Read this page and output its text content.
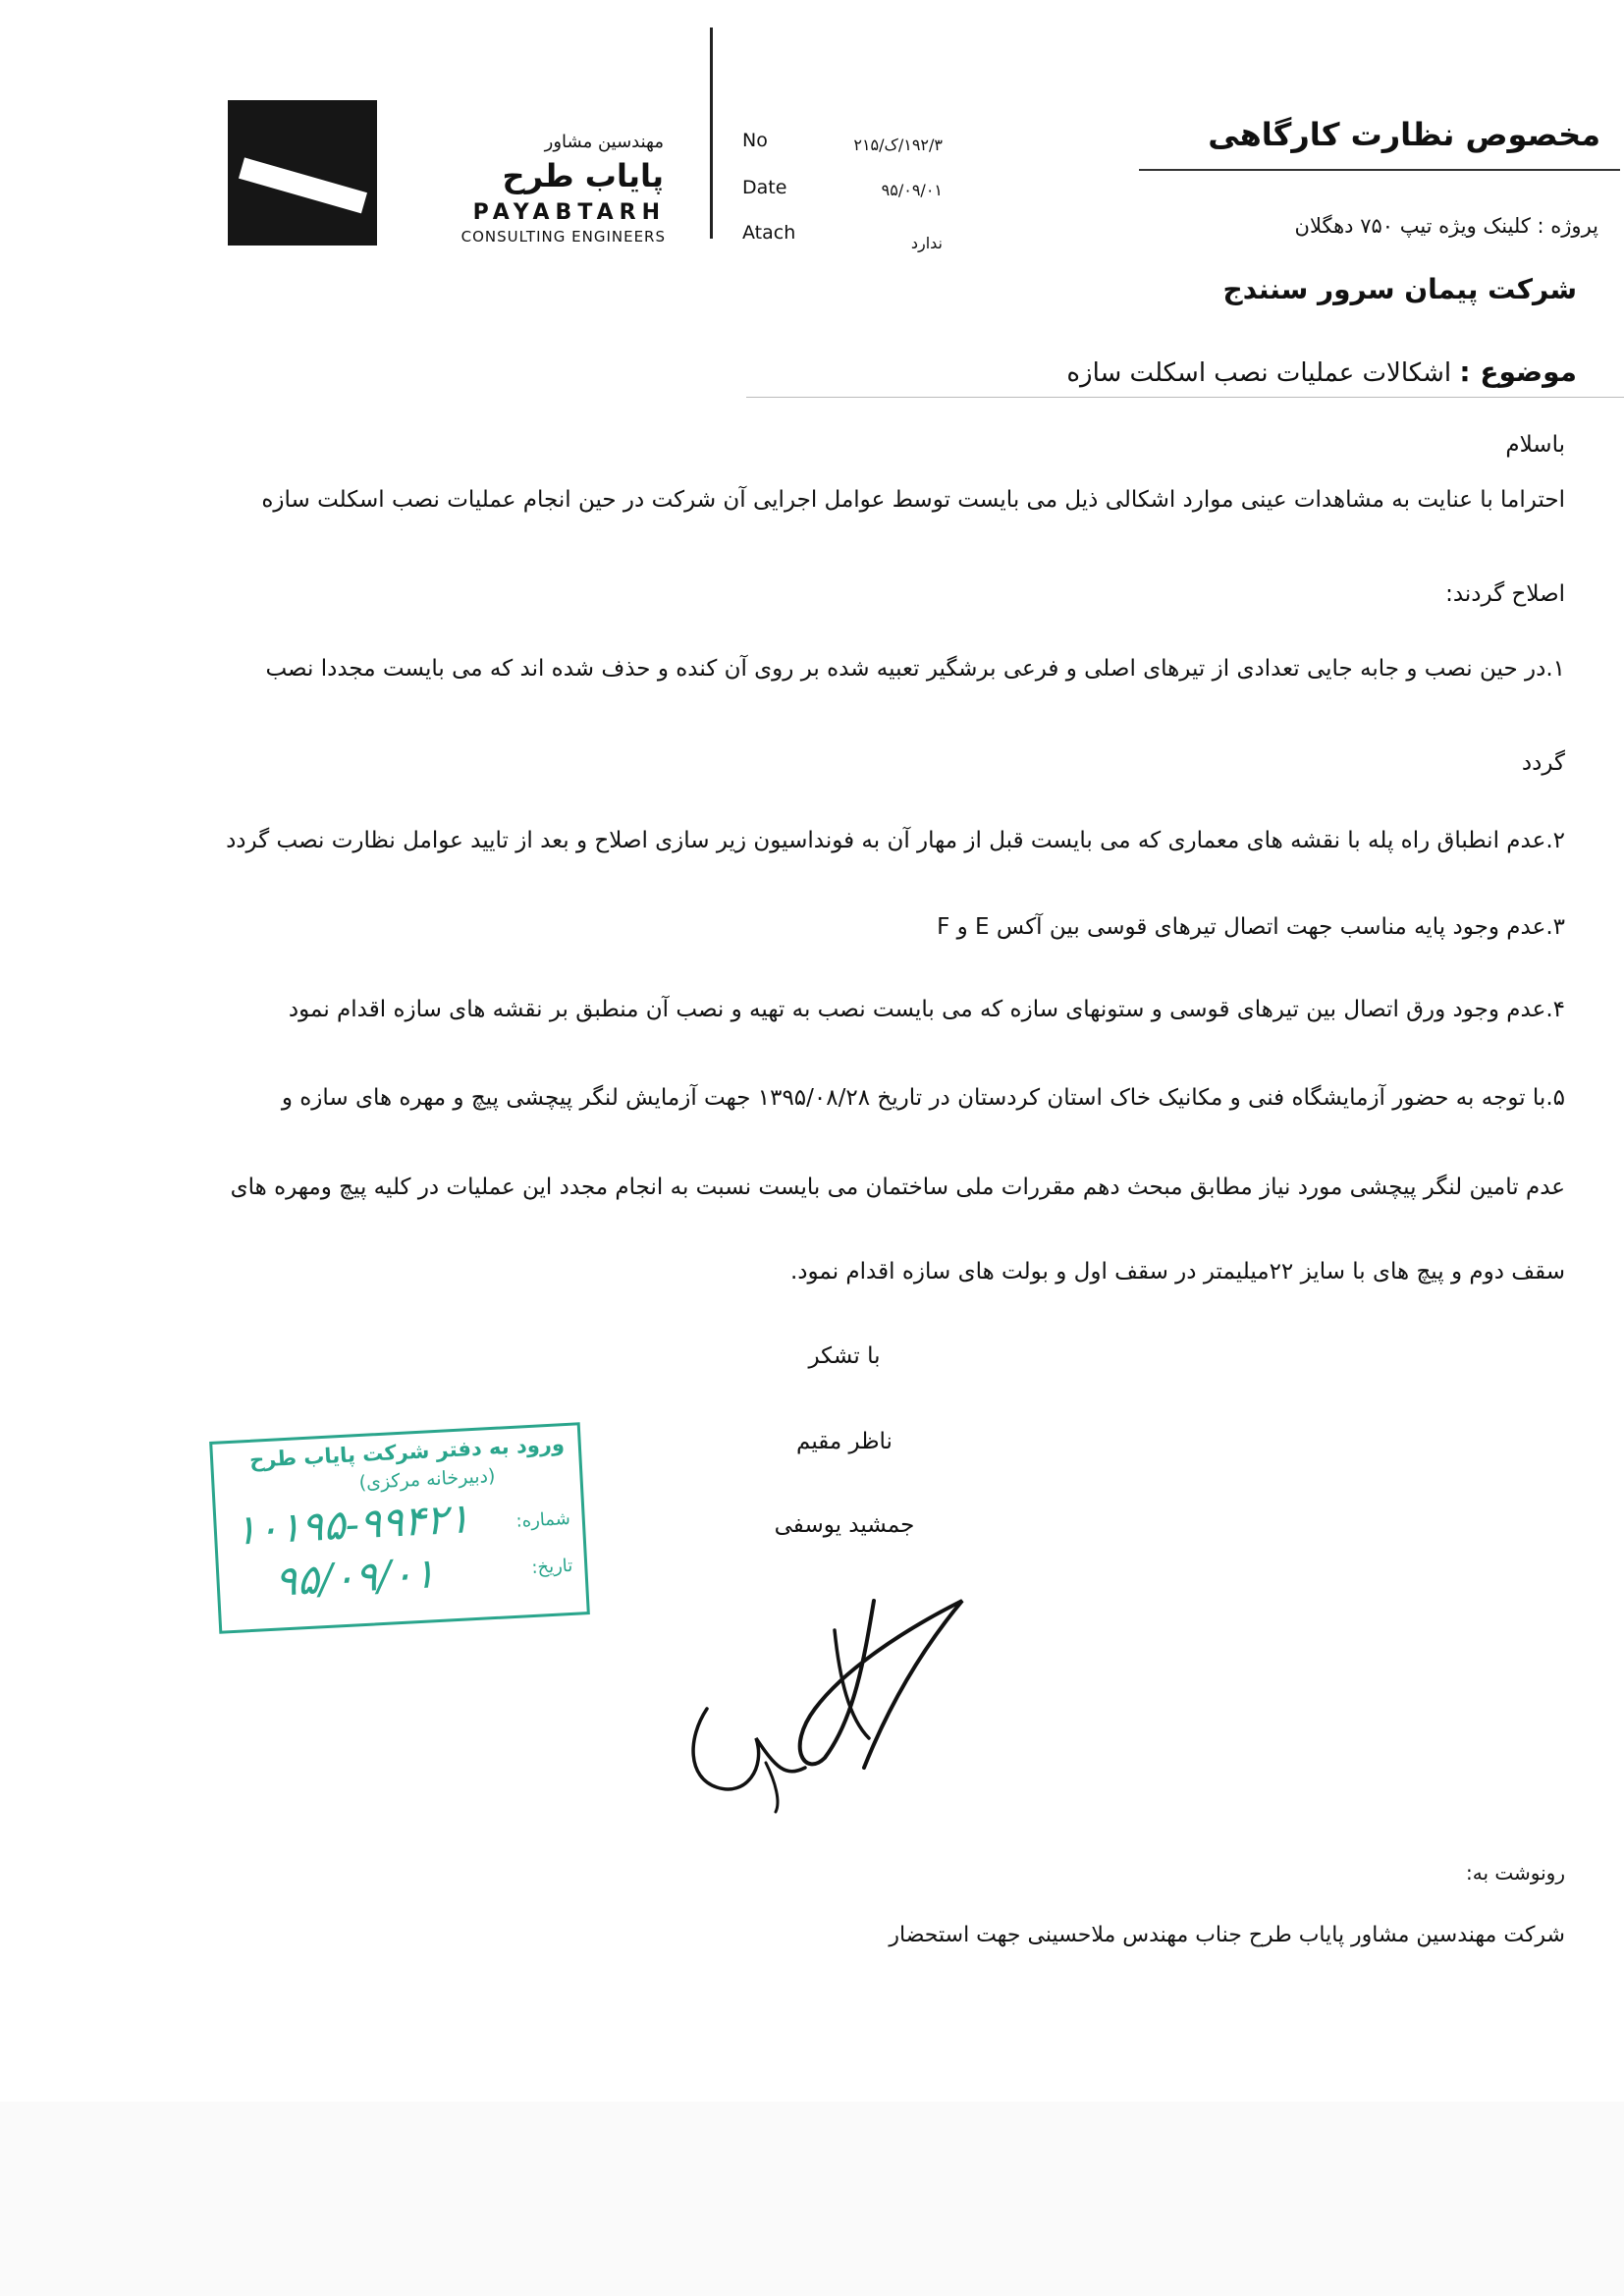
مهندسین مشاور
پایاب طرح
PAYABTARH
CONSULTING ENGINEERS
No	۱۹۲/۳/ک/۲۱۵
Date	۹۵/۰۹/۰۱
Atach	ندارد
مخصوص نظارت کارگاهی
پروژه : کلینک ویژه تیپ ۷۵۰ دهگلان
شرکت پیمان سرور سنندج
موضوع : اشکالات عملیات نصب اسکلت سازه
باسلام
احتراما با عنایت به مشاهدات عینی موارد اشکالی ذیل می بایست توسط عوامل اجرایی آن شرکت در حین انجام عملیات نصب اسکلت سازه
اصلاح گردند:
۱.در حین نصب و جابه جایی تعدادی از تیرهای اصلی و فرعی برشگیر تعبیه شده بر روی آن کنده و حذف شده اند که می بایست مجددا نصب
گردد
۲.عدم انطباق راه پله با نقشه های معماری که می بایست قبل از مهار آن به فونداسیون زیر سازی اصلاح و بعد از تایید عوامل نظارت نصب گردد
۳.عدم وجود پایه مناسب جهت اتصال تیرهای قوسی بین آکس E و F
۴.عدم وجود ورق اتصال بین تیرهای قوسی و ستونهای سازه که می بایست نصب به تهیه و نصب آن منطبق بر نقشه های سازه اقدام نمود
۵.با توجه به حضور آزمایشگاه فنی و مکانیک خاک استان کردستان در تاریخ ۱۳۹۵/۰۸/۲۸ جهت آزمایش لنگر پیچشی پیچ و مهره های سازه و
عدم تامین لنگر پیچشی مورد نیاز مطابق مبحث دهم مقررات ملی ساختمان می بایست نسبت به انجام مجدد این عملیات در کلیه پیچ ومهره های
سقف دوم و پیچ های با سایز ۲۲میلیمتر در سقف اول و بولت های سازه اقدام نمود.
با تشکر
ناظر مقیم
جمشید یوسفی
ورود به دفتر شرکت پایاب طرح
(دبیرخانه مرکزی)
شماره:
۱۰۱۹۵-۹۹۴۲۱
تاریخ:
۹۵/۰۹/۰۱
رونوشت به:
شرکت مهندسین مشاور پایاب طرح جناب مهندس ملاحسینی جهت استحضار
